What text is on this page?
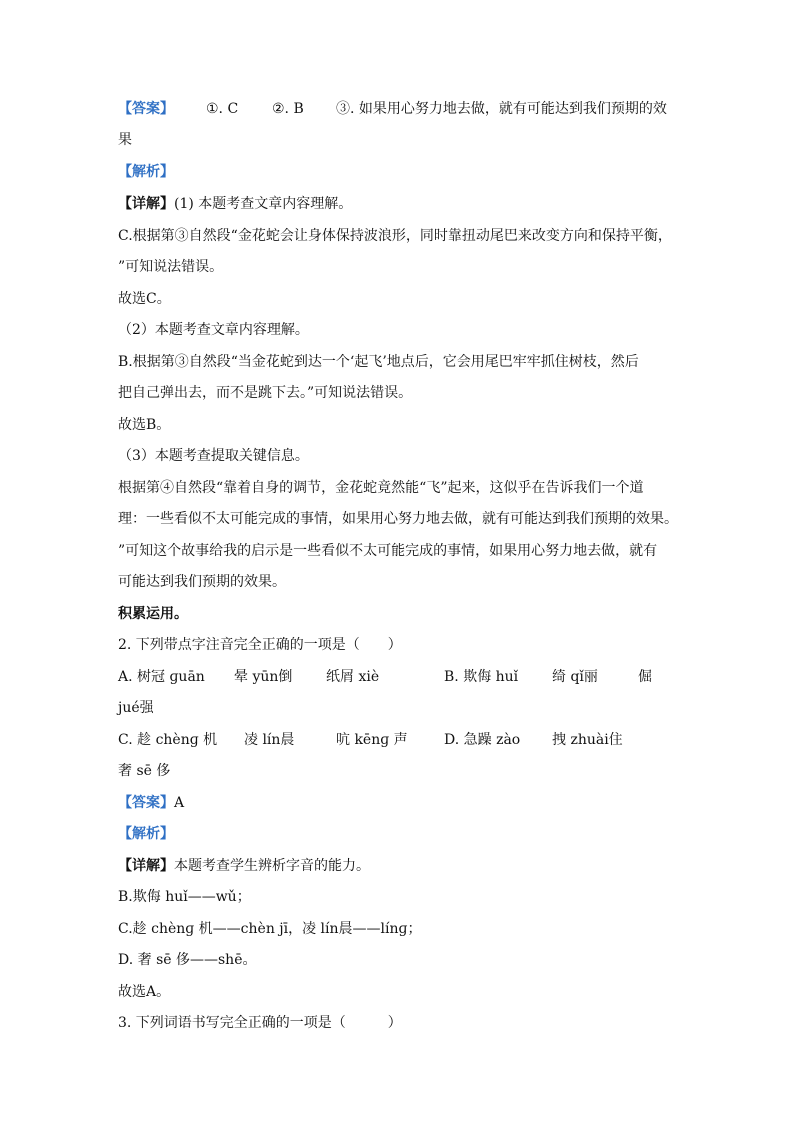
【答案】 ①. C ②. B ③. 如果用心努力地去做，就有可能达到我们预期的效
果
【解析】
【详解】(1) 本题考查文章内容理解。
C.根据第③自然段“金花蛇会让身体保持波浪形，同时靠扭动尾巴来改变方向和保持平衡，
”可知说法错误。
故选C。
（2）本题考查文章内容理解。
B.根据第③自然段“当金花蛇到达一个‘起飞’地点后，它会用尾巴牢牢抓住树枝，然后
把自己弹出去，而不是跳下去。”可知说法错误。
故选B。
（3）本题考查提取关键信息。
根据第④自然段“靠着自身的调节，金花蛇竟然能“飞”起来，这似乎在告诉我们一个道
理：一些看似不太可能完成的事情，如果用心努力地去做，就有可能达到我们预期的效果。
”可知这个故事给我的启示是一些看似不太可能完成的事情，如果用心努力地去做，就有
可能达到我们预期的效果。
积累运用。
2. 下列带点字注音完全正确的一项是（　　）
A. 树冠 ɡuān 晕 yūn倒 纸屑 xiè	B. 欺侮 huǐ 绮 qǐ丽	倔
jué强
C. 趁 chènɡ 机 凌 lín晨	吭 kēnɡ 声	D. 急躁 zào 拽 zhuài住
奢 sē 侈
【答案】A
【解析】
【详解】本题考查学生辨析字音的能力。
B.欺侮 huǐ——wǔ；
C.趁 chènɡ 机——chèn jī，凌 lín晨——línɡ；
D. 奢 sē 侈——shē。
故选A。
3. 下列词语书写完全正确的一项是（　　　）
